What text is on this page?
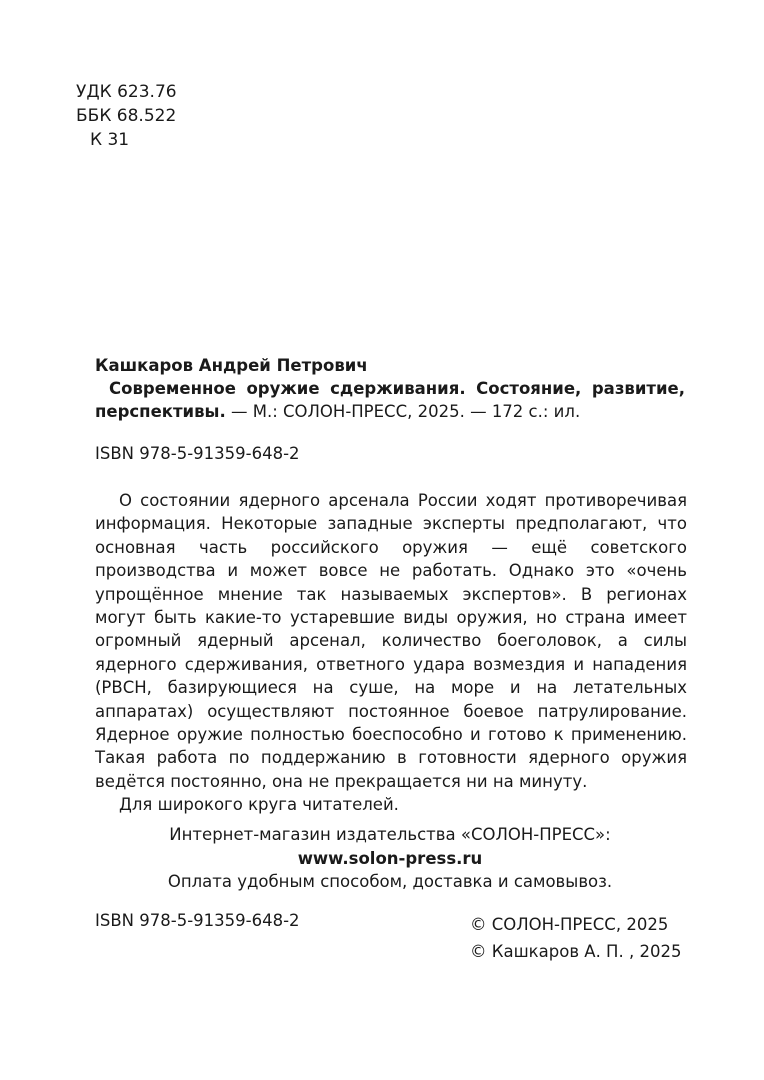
УДК 623.76
ББК 68.522
К 31
Кашкаров Андрей Петрович
Современное оружие сдерживания. Состояние, развитие, перспективы. — М.: СОЛОН-ПРЕСС, 2025. — 172 с.: ил.
ISBN 978-5-91359-648-2

О состоянии ядерного арсенала России ходят противоречивая информация. Некоторые западные эксперты предполагают, что основная часть российского оружия — ещё советского производства и может вовсе не работать. Однако это «очень упрощённое мнение так называемых экспертов». В регионах могут быть какие-то устаревшие виды оружия, но страна имеет огромный ядерный арсенал, количество боеголовок, а силы ядерного сдерживания, ответного удара возмездия и нападения (РВСН, базирующиеся на суше, на море и на летательных аппаратах) осуществляют постоянное боевое патрулирование. Ядерное оружие полностью боеспособно и готово к применению. Такая работа по поддержанию в готовности ядерного оружия ведётся постоянно, она не прекращается ни на минуту.

Для широкого круга читателей.

Интернет-магазин издательства «СОЛОН-ПРЕСС»:
www.solon-press.ru
Оплата удобным способом, доставка и самовывоз.
ISBN 978-5-91359-648-2	© СОЛОН-ПРЕСС, 2025
© Кашкаров А. П. , 2025
